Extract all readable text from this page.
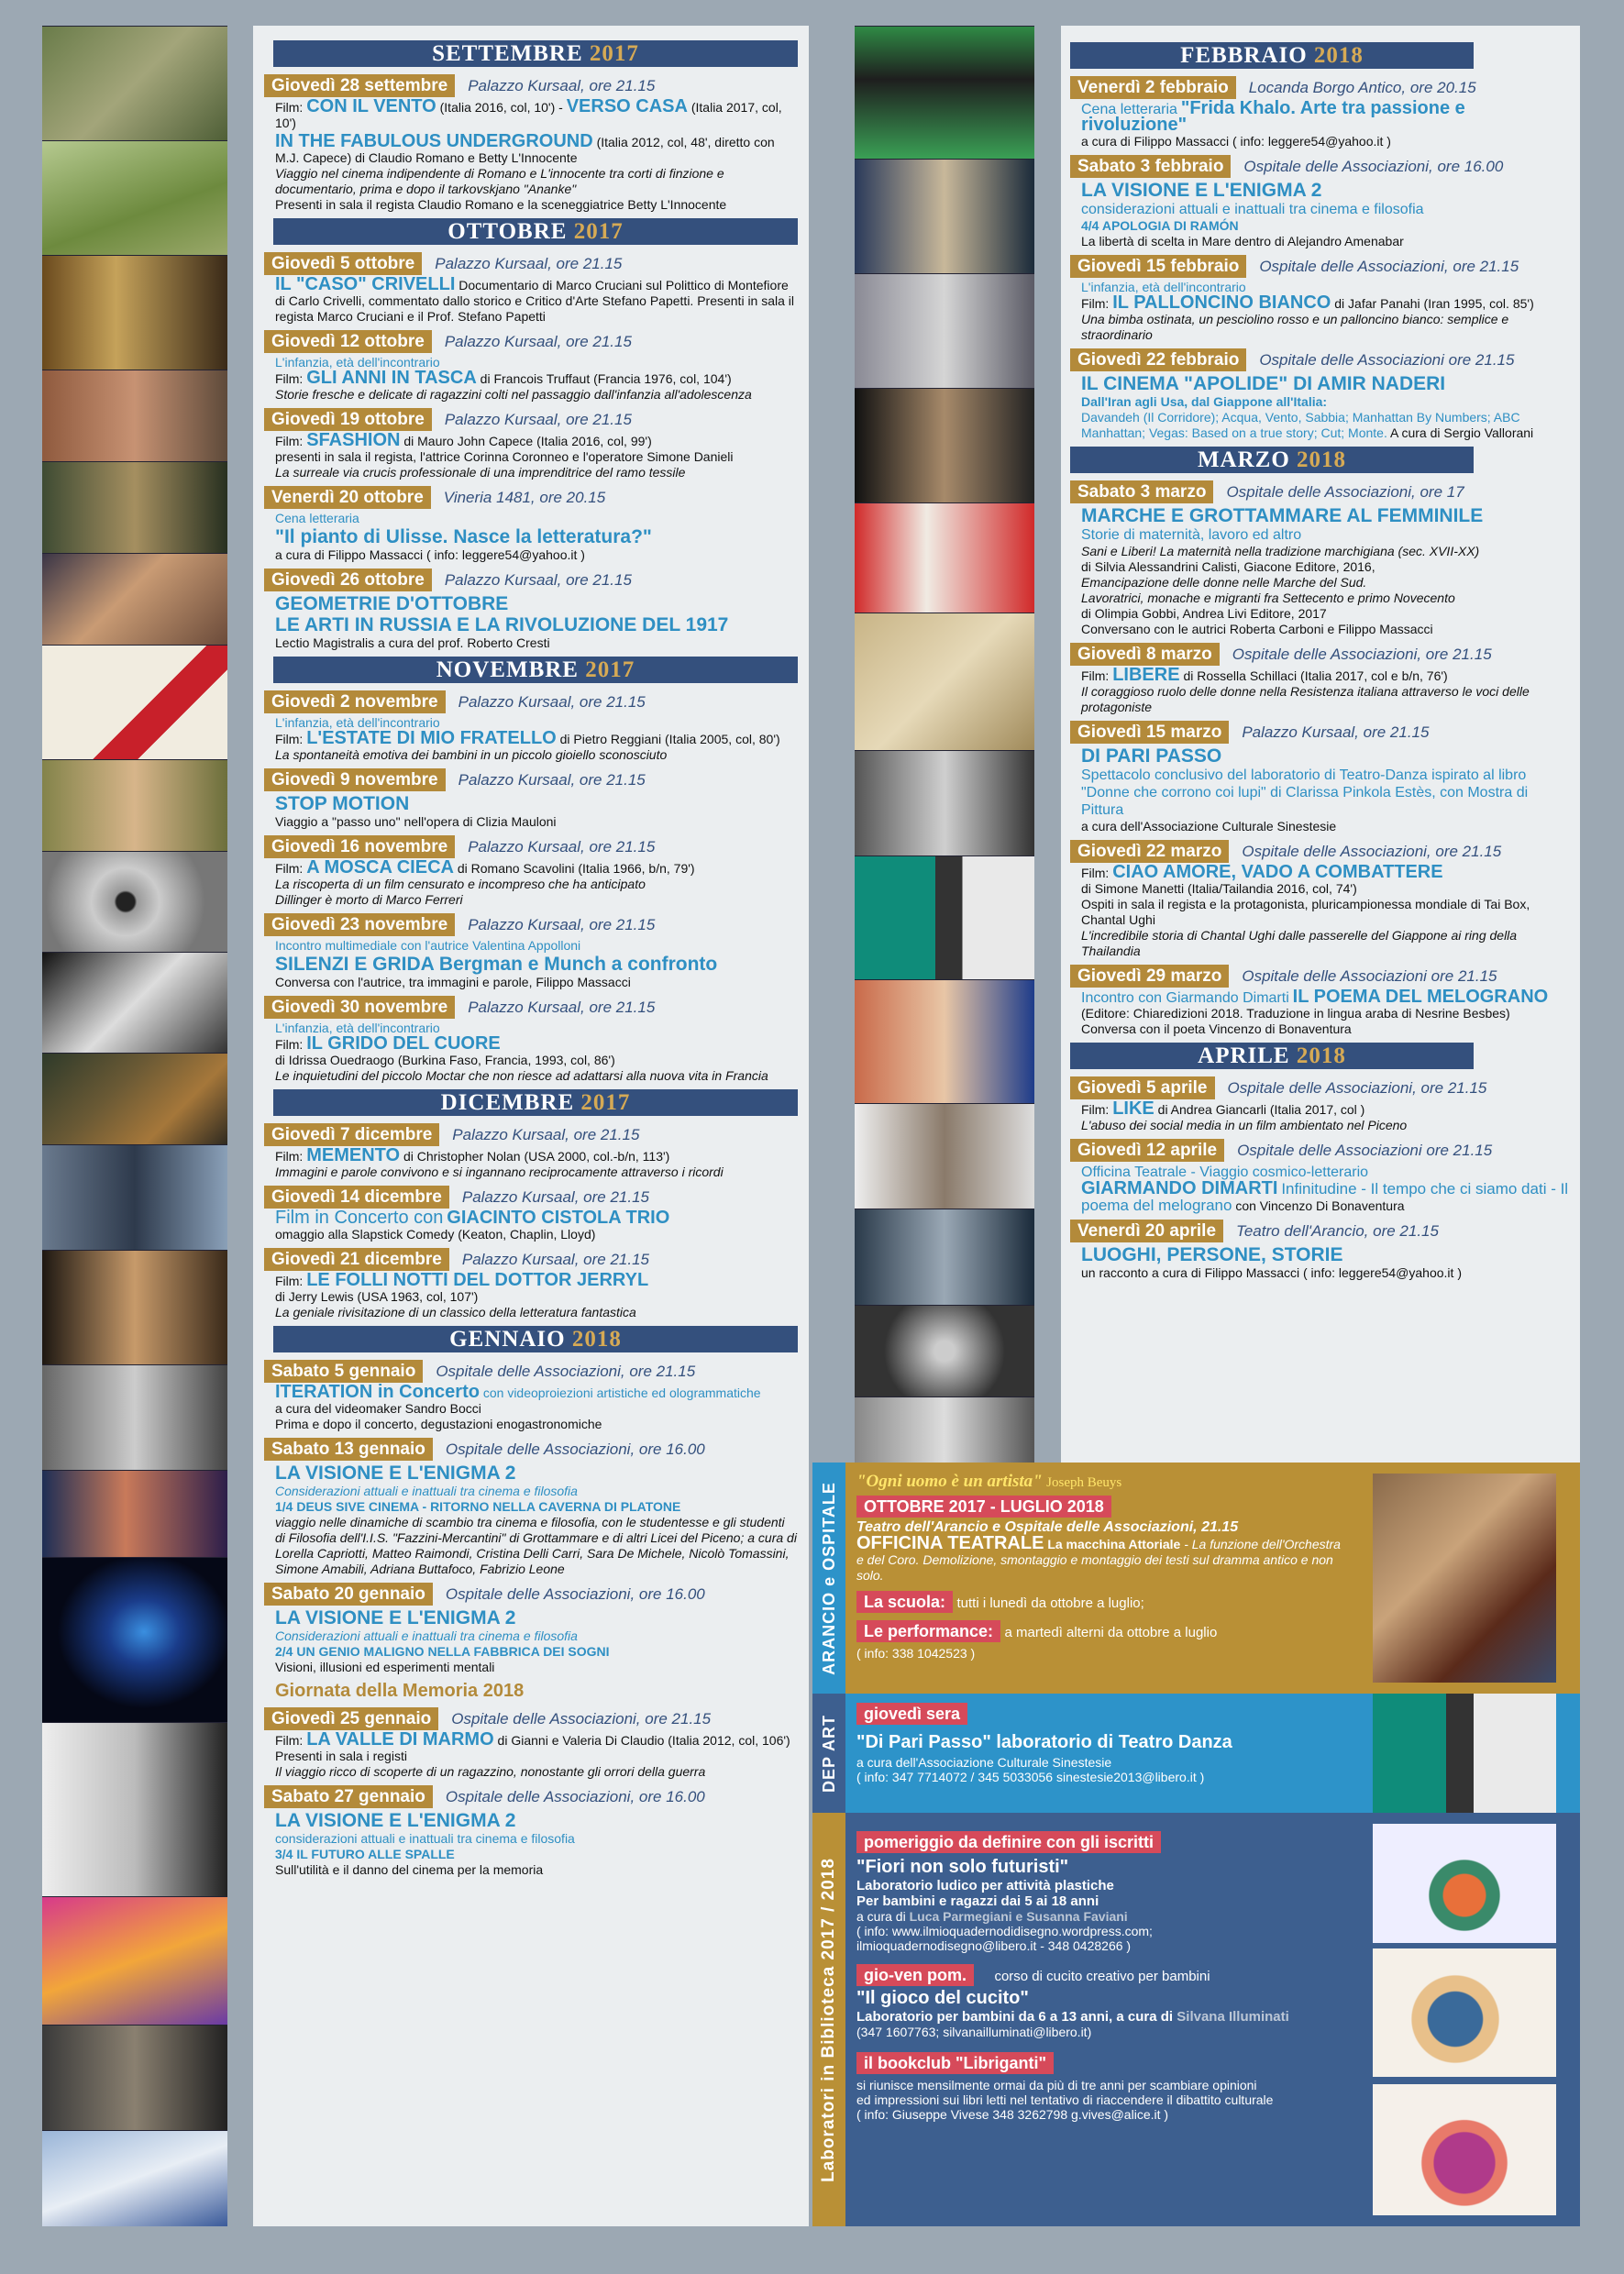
SETTEMBRE 2017
Giovedì 28 settembre	Palazzo Kursaal, ore 21.15
Film: CON IL VENTO (Italia 2016, col, 10') - VERSO CASA (Italia 2017, col, 10')
IN THE FABULOUS UNDERGROUND (Italia 2012, col, 48', diretto con M.J. Capece) di Claudio Romano e Betty L'Innocente
Viaggio nel cinema indipendente di Romano e L'innocente tra corti di finzione e documentario, prima e dopo il tarkovskjano "Ananke"
Presenti in sala il regista Claudio Romano e la sceneggiatrice Betty L'Innocente
OTTOBRE 2017
Giovedì 5 ottobre	Palazzo Kursaal, ore 21.15
IL "CASO" CRIVELLI Documentario di Marco Cruciani sul Polittico di Montefiore di Carlo Crivelli, commentato dallo storico e Critico d'Arte Stefano Papetti. Presenti in sala il regista Marco Cruciani e il Prof. Stefano Papetti
Giovedì 12 ottobre	Palazzo Kursaal, ore 21.15
L'infanzia, età dell'incontrario
Film: GLI ANNI IN TASCA di Francois Truffaut (Francia 1976, col, 104')
Storie fresche e delicate di ragazzini colti nel passaggio dall'infanzia all'adolescenza
Giovedì 19 ottobre	Palazzo Kursaal, ore 21.15
Film: SFASHION di Mauro John Capece (Italia 2016, col, 99')
presenti in sala il regista, l'attrice Corinna Coronneo e l'operatore Simone Danieli
La surreale via crucis professionale di una imprenditrice del ramo tessile
Venerdì 20 ottobre	Vineria 1481, ore 20.15
Cena letteraria
"Il pianto di Ulisse. Nasce la letteratura?"
a cura di Filippo Massacci ( info: leggere54@yahoo.it )
Giovedì 26 ottobre	Palazzo Kursaal, ore 21.15
GEOMETRIE D'OTTOBRE
LE ARTI IN RUSSIA E LA RIVOLUZIONE DEL 1917
Lectio Magistralis a cura del prof. Roberto Cresti
NOVEMBRE 2017
Giovedì 2 novembre	Palazzo Kursaal, ore 21.15
L'infanzia, età dell'incontrario
Film: L'ESTATE DI MIO FRATELLO di Pietro Reggiani (Italia 2005, col, 80')
La spontaneità emotiva dei bambini in un piccolo gioiello sconosciuto
Giovedì 9 novembre	Palazzo Kursaal, ore 21.15
STOP MOTION
Viaggio a "passo uno" nell'opera di Clizia Mauloni
Giovedì 16 novembre	Palazzo Kursaal, ore 21.15
Film: A MOSCA CIECA di Romano Scavolini (Italia 1966, b/n, 79')
La riscoperta di un film censurato e incompreso che ha anticipato
Dillinger è morto di Marco Ferreri
Giovedì 23 novembre	Palazzo Kursaal, ore 21.15
Incontro multimediale con l'autrice Valentina Appolloni
SILENZI E GRIDA Bergman e Munch a confronto
Conversa con l'autrice, tra immagini e parole, Filippo Massacci
Giovedì 30 novembre	Palazzo Kursaal, ore 21.15
L'infanzia, età dell'incontrario
Film: IL GRIDO DEL CUORE
di Idrissa Ouedraogo (Burkina Faso, Francia, 1993, col, 86')
Le inquietudini del piccolo Moctar che non riesce ad adattarsi alla nuova vita in Francia
DICEMBRE 2017
Giovedì 7 dicembre	Palazzo Kursaal, ore 21.15
Film: MEMENTO di Christopher Nolan (USA 2000, col.-b/n, 113')
Immagini e parole convivono e si ingannano reciprocamente attraverso i ricordi
Giovedì 14 dicembre	Palazzo Kursaal, ore 21.15
Film in Concerto con GIACINTO CISTOLA TRIO
omaggio alla Slapstick Comedy (Keaton, Chaplin, Lloyd)
Giovedì 21 dicembre	Palazzo Kursaal, ore 21.15
Film: LE FOLLI NOTTI DEL DOTTOR JERRYL
di Jerry Lewis (USA 1963, col, 107')
La geniale rivisitazione di un classico della letteratura fantastica
GENNAIO 2018
Sabato 5 gennaio	Ospitale delle Associazioni, ore 21.15
ITERATION in Concerto con videoproiezioni artistiche ed ologrammatiche
a cura del videomaker Sandro Bocci
Prima e dopo il concerto, degustazioni enogastronomiche
Sabato 13 gennaio	Ospitale delle Associazioni, ore 16.00
LA VISIONE E L'ENIGMA 2
Considerazioni attuali e inattuali tra cinema e filosofia
1/4 DEUS SIVE CINEMA - RITORNO NELLA CAVERNA DI PLATONE
viaggio nelle dinamiche di scambio tra cinema e filosofia, con le studentesse e gli studenti di Filosofia dell'I.I.S. "Fazzini-Mercantini" di Grottammare e di altri Licei del Piceno; a cura di Lorella Capriotti, Matteo Raimondi, Cristina Delli Carri, Sara De Michele, Nicolò Tomassini, Simone Amabili, Adriana Buttafoco, Fabrizio Leone
Sabato 20 gennaio	Ospitale delle Associazioni, ore 16.00
LA VISIONE E L'ENIGMA 2
Considerazioni attuali e inattuali tra cinema e filosofia
2/4 UN GENIO MALIGNO NELLA FABBRICA DEI SOGNI
Visioni, illusioni ed esperimenti mentali
Giornata della Memoria 2018
Giovedì 25 gennaio	Ospitale delle Associazioni, ore 21.15
Film: LA VALLE DI MARMO di Gianni e Valeria Di Claudio (Italia 2012, col, 106')
Presenti in sala i registi
Il viaggio ricco di scoperte di un ragazzino, nonostante gli orrori della guerra
Sabato 27 gennaio	Ospitale delle Associazioni, ore 16.00
LA VISIONE E L'ENIGMA 2
considerazioni attuali e inattuali tra cinema e filosofia
3/4 IL FUTURO ALLE SPALLE
Sull'utilità e il danno del cinema per la memoria
FEBBRAIO 2018
Venerdì 2 febbraio	Locanda Borgo Antico, ore 20.15
Cena letteraria "Frida Khalo. Arte tra passione e rivoluzione"
a cura di Filippo Massacci ( info: leggere54@yahoo.it )
Sabato 3 febbraio	Ospitale delle Associazioni, ore 16.00
LA VISIONE E L'ENIGMA 2
considerazioni attuali e inattuali tra cinema e filosofia
4/4 APOLOGIA DI RAMÓN
La libertà di scelta in Mare dentro di Alejandro Amenabar
Giovedì 15 febbraio	Ospitale delle Associazioni, ore 21.15
L'infanzia, età dell'incontrario
Film: IL PALLONCINO BIANCO di Jafar Panahi (Iran 1995, col. 85')
Una bimba ostinata, un pesciolino rosso e un palloncino bianco: semplice e straordinario
Giovedì 22 febbraio	Ospitale delle Associazioni ore 21.15
IL CINEMA "APOLIDE" DI AMIR NADERI
Dall'Iran agli Usa, dal Giappone all'Italia:
Davandeh (Il Corridore); Acqua, Vento, Sabbia; Manhattan By Numbers; ABC Manhattan; Vegas: Based on a true story; Cut; Monte. A cura di Sergio Vallorani
MARZO 2018
Sabato 3 marzo	Ospitale delle Associazioni, ore 17
MARCHE E GROTTAMMARE AL FEMMINILE
Storie di maternità, lavoro ed altro
Sani e Liberi! La maternità nella tradizione marchigiana (sec. XVII-XX)
di Silvia Alessandrini Calisti, Giacone Editore, 2016,
Emancipazione delle donne nelle Marche del Sud.
Lavoratrici, monache e migranti fra Settecento e primo Novecento
di Olimpia Gobbi, Andrea Livi Editore, 2017
Conversano con le autrici Roberta Carboni e Filippo Massacci
Giovedì 8 marzo	Ospitale delle Associazioni, ore 21.15
Film: LIBERE di Rossella Schillaci (Italia 2017, col e b/n, 76')
Il coraggioso ruolo delle donne nella Resistenza italiana attraverso le voci delle protagoniste
Giovedì 15 marzo	Palazzo Kursaal, ore 21.15
DI PARI PASSO
Spettacolo conclusivo del laboratorio di Teatro-Danza ispirato al libro "Donne che corrono coi lupi" di Clarissa Pinkola Estès, con Mostra di Pittura
a cura dell'Associazione Culturale Sinestesie
Giovedì 22 marzo	Ospitale delle Associazioni, ore 21.15
Film: CIAO AMORE, VADO A COMBATTERE
di Simone Manetti (Italia/Tailandia 2016, col, 74')
Ospiti in sala il regista e la protagonista, pluricampionessa mondiale di Tai Box, Chantal Ughi
L'incredibile storia di Chantal Ughi dalle passerelle del Giappone ai ring della Thailandia
Giovedì 29 marzo	Ospitale delle Associazioni ore 21.15
Incontro con Giarmando Dimarti IL POEMA DEL MELOGRANO
(Editore: Chiaredizioni 2018. Traduzione in lingua araba di Nesrine Besbes)
Conversa con il poeta Vincenzo di Bonaventura
APRILE 2018
Giovedì 5 aprile	Ospitale delle Associazioni, ore 21.15
Film: LIKE di Andrea Giancarli (Italia 2017, col )
L'abuso dei social media in un film ambientato nel Piceno
Giovedì 12 aprile	Ospitale delle Associazioni ore 21.15
Officina Teatrale - Viaggio cosmico-letterario
GIARMANDO DIMARTI Infinitudine - Il tempo che ci siamo dati - Il poema del melograno con Vincenzo Di Bonaventura
Venerdì 20 aprile	Teatro dell'Arancio, ore 21.15
LUOGHI, PERSONE, STORIE
un racconto a cura di Filippo Massacci ( info: leggere54@yahoo.it )
ARANCIO e OSPITALE
"Ogni uomo è un artista" Joseph Beuys
OTTOBRE 2017 - LUGLIO 2018
Teatro dell'Arancio e Ospitale delle Associazioni, 21.15
OFFICINA TEATRALE La macchina Attoriale - La funzione dell'Orchestra e del Coro. Demolizione, smontaggio e montaggio dei testi sul dramma antico e non solo.
La scuola: tutti i lunedì da ottobre a luglio;
Le performance: a martedì alterni da ottobre a luglio
( info: 338 1042523 )
DEP ART
giovedì sera
"Di Pari Passo" laboratorio di Teatro Danza
a cura dell'Associazione Culturale Sinestesie
( info: 347 7714072 / 345 5033056 sinestesie2013@libero.it )
Laboratori in Biblioteca 2017 / 2018
pomeriggio da definire con gli iscritti
"Fiori non solo futuristi"
Laboratorio ludico per attività plastiche
Per bambini e ragazzi dai 5 ai 18 anni
a cura di Luca Parmegiani e Susanna Faviani
( info: www.ilmioquadernodidisegno.wordpress.com;
ilmioquadernodisegno@libero.it - 348 0428266 )
gio-ven pom. corso di cucito creativo per bambini
"Il gioco del cucito"
Laboratorio per bambini da 6 a 13 anni, a cura di Silvana Illuminati
(347 1607763; silvanailluminati@libero.it)
il bookclub "Libriganti"
si riunisce mensilmente ormai da più di tre anni per scambiare opinioni
ed impressioni sui libri letti nel tentativo di riaccendere il dibattito culturale
( info: Giuseppe Vivese 348 3262798 g.vives@alice.it )
